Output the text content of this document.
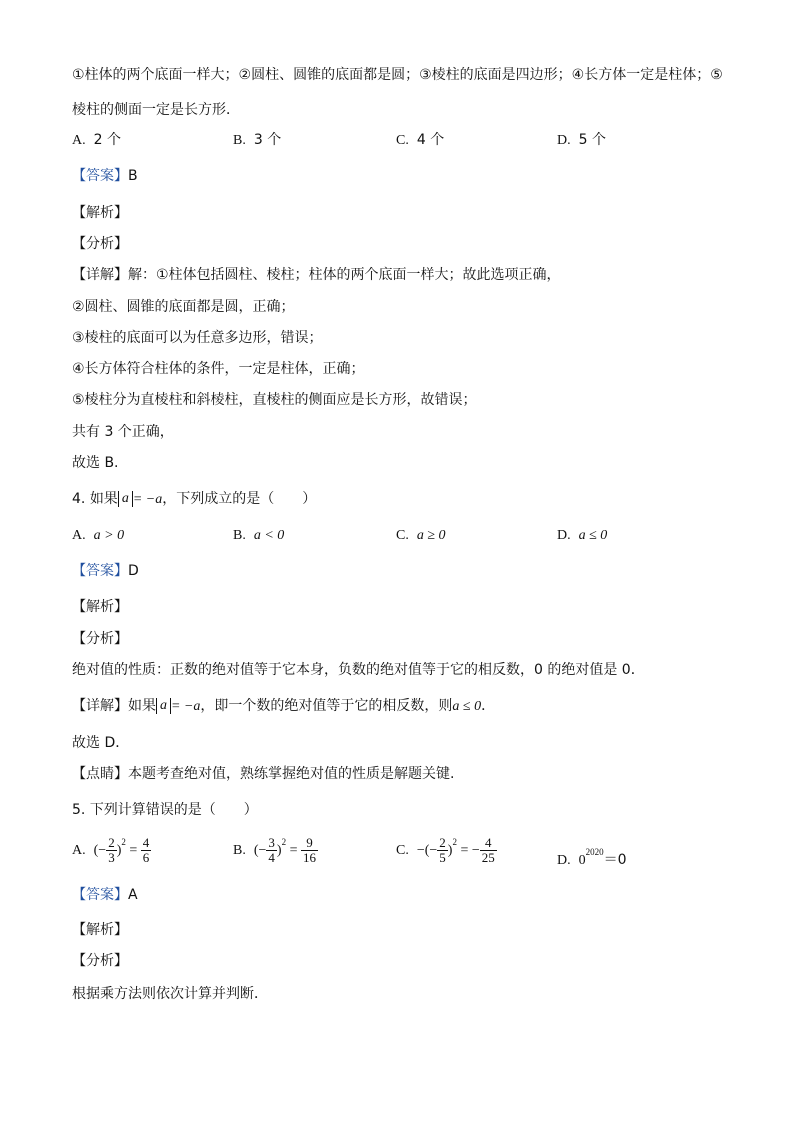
①柱体的两个底面一样大；②圆柱、圆锥的底面都是圆；③棱柱的底面是四边形；④长方体一定是柱体；⑤
棱柱的侧面一定是长方形．
A. 2 个	B. 3 个	C. 4 个	D. 5 个
【答案】B
【解析】
【分析】
【详解】解：①柱体包括圆柱、棱柱；柱体的两个底面一样大；故此选项正确，
②圆柱、圆锥的底面都是圆，正确；
③棱柱的底面可以为任意多边形，错误；
④长方体符合柱体的条件，一定是柱体，正确；
⑤棱柱分为直棱柱和斜棱柱，直棱柱的侧面应是长方形，故错误；
共有 3 个正确，
故选 B.
4. 如果 a = −a，下列成立的是（　　）
A. a > 0	B. a < 0	C. a ≥ 0	D. a ≤ 0
【答案】D
【解析】
【分析】
绝对值的性质：正数的绝对值等于它本身，负数的绝对值等于它的相反数，0 的绝对值是 0．
【详解】如果 a = −a，即一个数的绝对值等于它的相反数，则a ≤ 0．
故选 D．
【点睛】本题考查绝对值，熟练掌握绝对值的性质是解题关键.
5. 下列计算错误的是（　　）
A. (− $\frac{2}{3} )^2 = \frac{4}{6}$	B. (− $\frac{3}{4} )^2 = \frac{9}{16}$	C. −(− $\frac{2}{5} )^2$ = − $\frac{4}{25}$	D. $0^{2020}=0$
【答案】A
【解析】
【分析】
根据乘方法则依次计算并判断．
